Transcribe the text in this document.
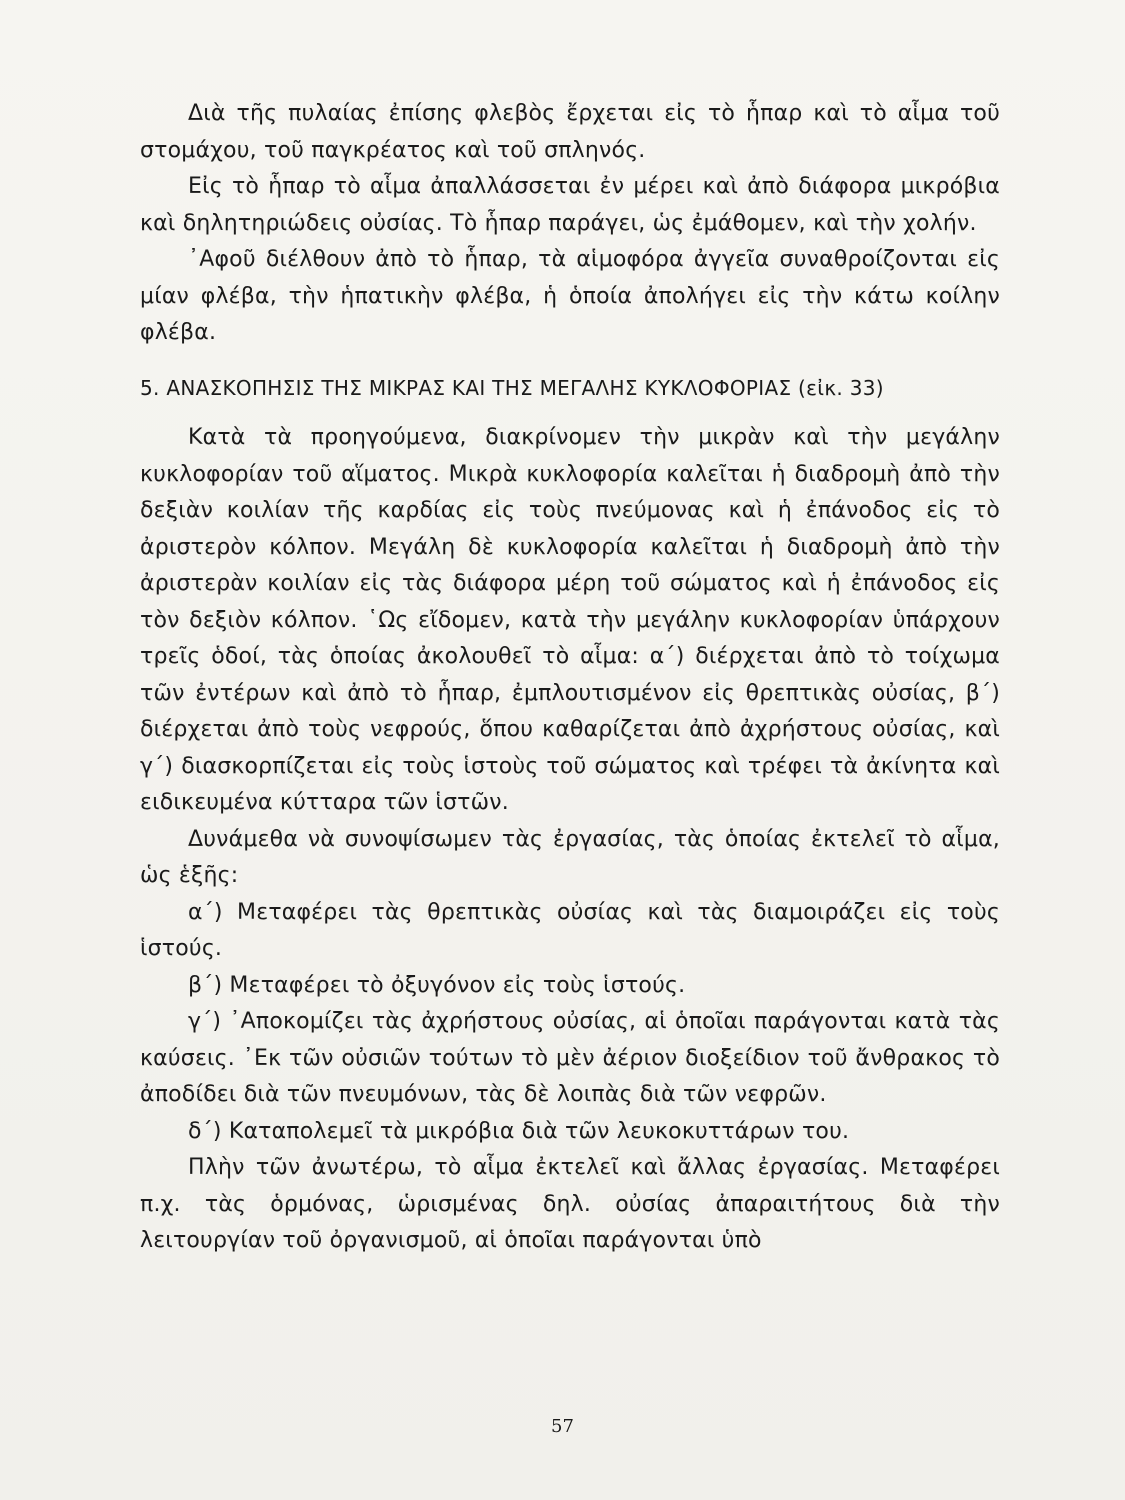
Διὰ τῆς πυλαίας ἐπίσης φλεβὸς ἔρχεται εἰς τὸ ἧπαρ καὶ τὸ αἷμα τοῦ στομάχου, τοῦ παγκρέατος καὶ τοῦ σπληνός.

Εἰς τὸ ἧπαρ τὸ αἷμα ἀπαλλάσσεται ἐν μέρει καὶ ἀπὸ διάφορα μικρόβια καὶ δηλητηριώδεις οὐσίας. Τὸ ἧπαρ παράγει, ὡς ἐμάθομεν, καὶ τὴν χολήν.

᾿Αφοῦ διέλθουν ἀπὸ τὸ ἧπαρ, τὰ αἱμοφόρα ἀγγεῖα συναθροίζονται εἰς μίαν φλέβα, τὴν ἡπατικὴν φλέβα, ἡ ὁποία ἀπολήγει εἰς τὴν κάτω κοίλην φλέβα.

5. ΑΝΑΣΚΟΠΗΣΙΣ ΤΗΣ ΜΙΚΡΑΣ ΚΑΙ ΤΗΣ ΜΕΓΑΛΗΣ ΚΥΚΛΟΦΟΡΙΑΣ (εἰκ. 33)

Κατὰ τὰ προηγούμενα, διακρίνομεν τὴν μικρὰν καὶ τὴν μεγάλην κυκλοφορίαν τοῦ αἵματος. Μικρὰ κυκλοφορία καλεῖται ἡ διαδρομὴ ἀπὸ τὴν δεξιὰν κοιλίαν τῆς καρδίας εἰς τοὺς πνεύμονας καὶ ἡ ἐπάνοδος εἰς τὸ ἀριστερὸν κόλπον. Μεγάλη δὲ κυκλοφορία καλεῖται ἡ διαδρομὴ ἀπὸ τὴν ἀριστερὰν κοιλίαν εἰς τὰς διάφορα μέρη τοῦ σώματος καὶ ἡ ἐπάνοδος εἰς τὸν δεξιὸν κόλπον. ῾Ως εἴδομεν, κατὰ τὴν μεγάλην κυκλοφορίαν ὑπάρχουν τρεῖς ὁδοί, τὰς ὁποίας ἀκολουθεῖ τὸ αἷμα: α΄) διέρχεται ἀπὸ τὸ τοίχωμα τῶν ἐντέρων καὶ ἀπὸ τὸ ἧπαρ, ἐμπλουτισμένον εἰς θρεπτικὰς οὐσίας, β΄) διέρχεται ἀπὸ τοὺς νεφρούς, ὅπου καθαρίζεται ἀπὸ ἀχρήστους οὐσίας, καὶ γ΄) διασκορπίζεται εἰς τοὺς ἱστοὺς τοῦ σώματος καὶ τρέφει τὰ ἀκίνητα καὶ ειδικευμένα κύτταρα τῶν ἱστῶν.

Δυνάμεθα νὰ συνοψίσωμεν τὰς ἐργασίας, τὰς ὁποίας ἐκτελεῖ τὸ αἷμα, ὡς ἑξῆς:

α΄) Μεταφέρει τὰς θρεπτικὰς οὐσίας καὶ τὰς διαμοιράζει εἰς τοὺς ἱστούς.

β΄) Μεταφέρει τὸ ὀξυγόνον εἰς τοὺς ἱστούς.

γ΄) ᾿Αποκομίζει τὰς ἀχρήστους οὐσίας, αἱ ὁποῖαι παράγονται κατὰ τὰς καύσεις. ᾿Εκ τῶν οὐσιῶν τούτων τὸ μὲν ἀέριον διοξείδιον τοῦ ἄνθρακος τὸ ἀποδίδει διὰ τῶν πνευμόνων, τὰς δὲ λοιπὰς διὰ τῶν νεφρῶν.

δ΄) Καταπολεμεῖ τὰ μικρόβια διὰ τῶν λευκοκυττάρων του.

Πλὴν τῶν ἀνωτέρω, τὸ αἷμα ἐκτελεῖ καὶ ἄλλας ἐργασίας. Μεταφέρει π.χ. τὰς ὁρμόνας, ὡρισμένας δηλ. οὐσίας ἀπαραιτήτους διὰ τὴν λειτουργίαν τοῦ ὀργανισμοῦ, αἱ ὁποῖαι παράγονται ὑπὸ

57
